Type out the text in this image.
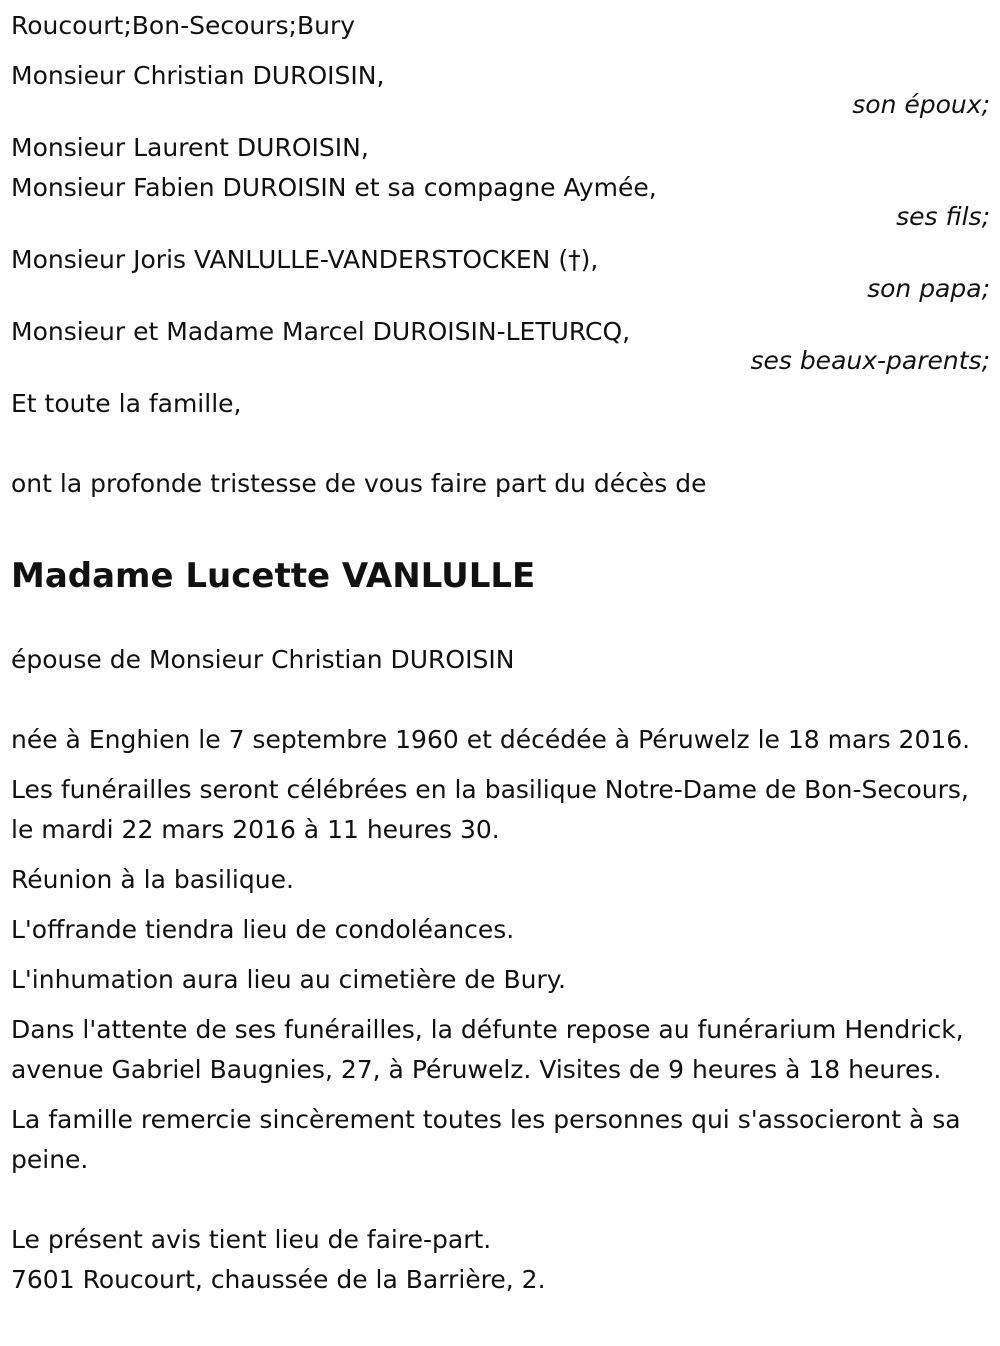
Roucourt;Bon-Secours;Bury
Monsieur Christian DUROISIN,
son époux;
Monsieur Laurent DUROISIN,
Monsieur Fabien DUROISIN et sa compagne Aymée,
ses fils;
Monsieur Joris VANLULLE-VANDERSTOCKEN (†),
son papa;
Monsieur et Madame Marcel DUROISIN-LETURCQ,
ses beaux-parents;
Et toute la famille,
ont la profonde tristesse de vous faire part du décès de
Madame Lucette VANLULLE
épouse de Monsieur Christian DUROISIN
née à Enghien le 7 septembre 1960 et décédée à Péruwelz le 18 mars 2016.
Les funérailles seront célébrées en la basilique Notre-Dame de Bon-Secours, le mardi 22 mars 2016 à 11 heures 30.
Réunion à la basilique.
L'offrande tiendra lieu de condoléances.
L'inhumation aura lieu au cimetière de Bury.
Dans l'attente de ses funérailles, la défunte repose au funérarium Hendrick, avenue Gabriel Baugnies, 27, à Péruwelz. Visites de 9 heures à 18 heures.
La famille remercie sincèrement toutes les personnes qui s'associeront à sa peine.
Le présent avis tient lieu de faire-part.
7601 Roucourt, chaussée de la Barrière, 2.
